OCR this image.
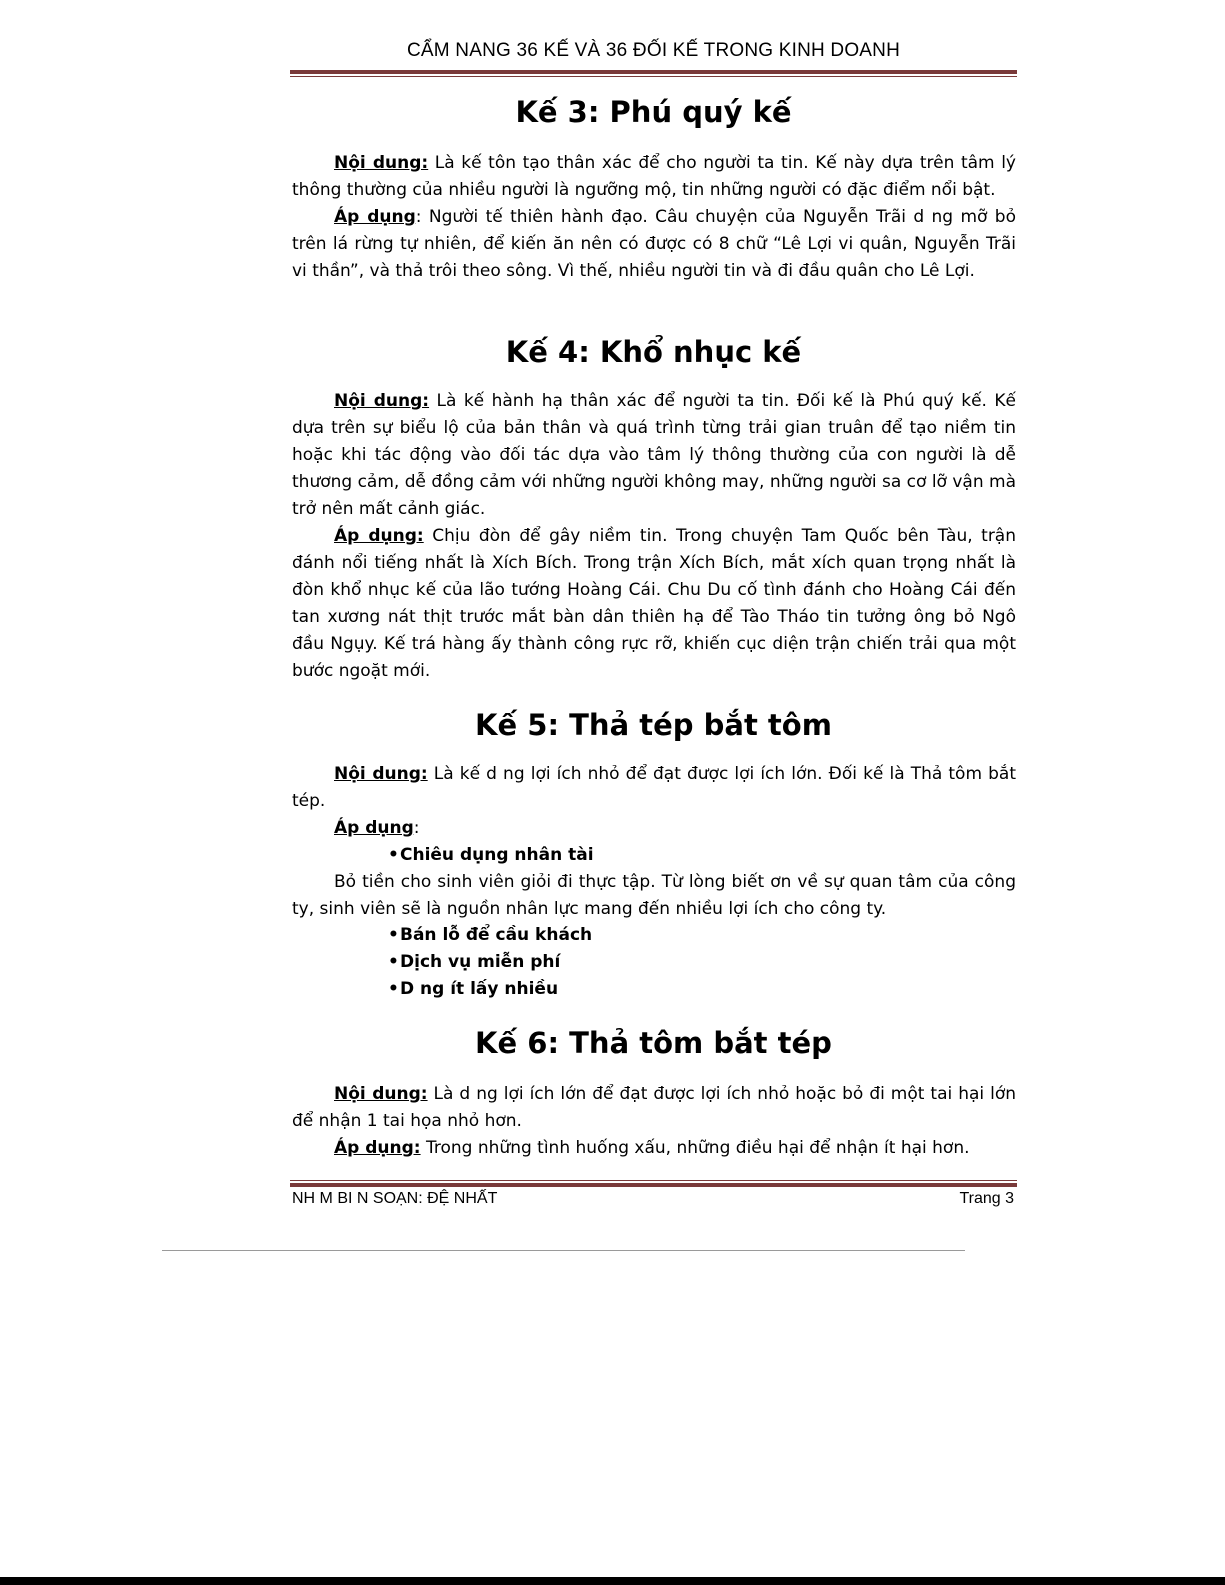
CẨM NANG 36 KẾ VÀ 36 ĐỐI KẾ TRONG KINH DOANH
Kế 3: Phú quý kế
Nội dung: Là kế tôn tạo thân xác để cho người ta tin. Kế này dựa trên tâm lý thông thường của nhiều người là ngưỡng mộ, tin những người có đặc điểm nổi bật.
Áp dụng: Người tế thiên hành đạo. Câu chuyện của Nguyễn Trãi d ng mỡ bỏ trên lá rừng tự nhiên, để kiến ăn nên có được có 8 chữ “Lê Lợi vi quân, Nguyễn Trãi vi thần”, và thả trôi theo sông. Vì thế, nhiều người tin và đi đầu quân cho Lê Lợi.
Kế 4: Khổ nhục kế
Nội dung: Là kế hành hạ thân xác để người ta tin. Đối kế là Phú quý kế. Kế dựa trên sự biểu lộ của bản thân và quá trình từng trải gian truân để tạo niềm tin hoặc khi tác động vào đối tác dựa vào tâm lý thông thường của con người là dễ thương cảm, dễ đồng cảm với những người không may, những người sa cơ lỡ vận mà trở nên mất cảnh giác.
Áp dụng: Chịu đòn để gây niềm tin. Trong chuyện Tam Quốc bên Tàu, trận đánh nổi tiếng nhất là Xích Bích. Trong trận Xích Bích, mắt xích quan trọng nhất là đòn khổ nhục kế của lão tướng Hoàng Cái. Chu Du cố tình đánh cho Hoàng Cái đến tan xương nát thịt trước mắt bàn dân thiên hạ để Tào Tháo tin tưởng ông bỏ Ngô đầu Ngụy. Kế trá hàng ấy thành công rực rỡ, khiến cục diện trận chiến trải qua một bước ngoặt mới.
Kế 5: Thả tép bắt tôm
Nội dung: Là kế d ng lợi ích nhỏ để đạt được lợi ích lớn. Đối kế là Thả tôm bắt tép.
Áp dụng:
•Chiêu dụng nhân tài
Bỏ tiền cho sinh viên giỏi đi thực tập. Từ lòng biết ơn về sự quan tâm của công ty, sinh viên sẽ là nguồn nhân lực mang đến nhiều lợi ích cho công ty.
•Bán lỗ để cầu khách
•Dịch vụ miễn phí
•D ng ít lấy nhiều
Kế 6: Thả tôm bắt tép
Nội dung: Là d ng lợi ích lớn để đạt được lợi ích nhỏ hoặc bỏ đi một tai hại lớn để nhận 1 tai họa nhỏ hơn.
Áp dụng: Trong những tình huống xấu, những điều hại để nhận ít hại hơn.
NH M BI N SOẠN: ĐỆ NHẤT	Trang 3
